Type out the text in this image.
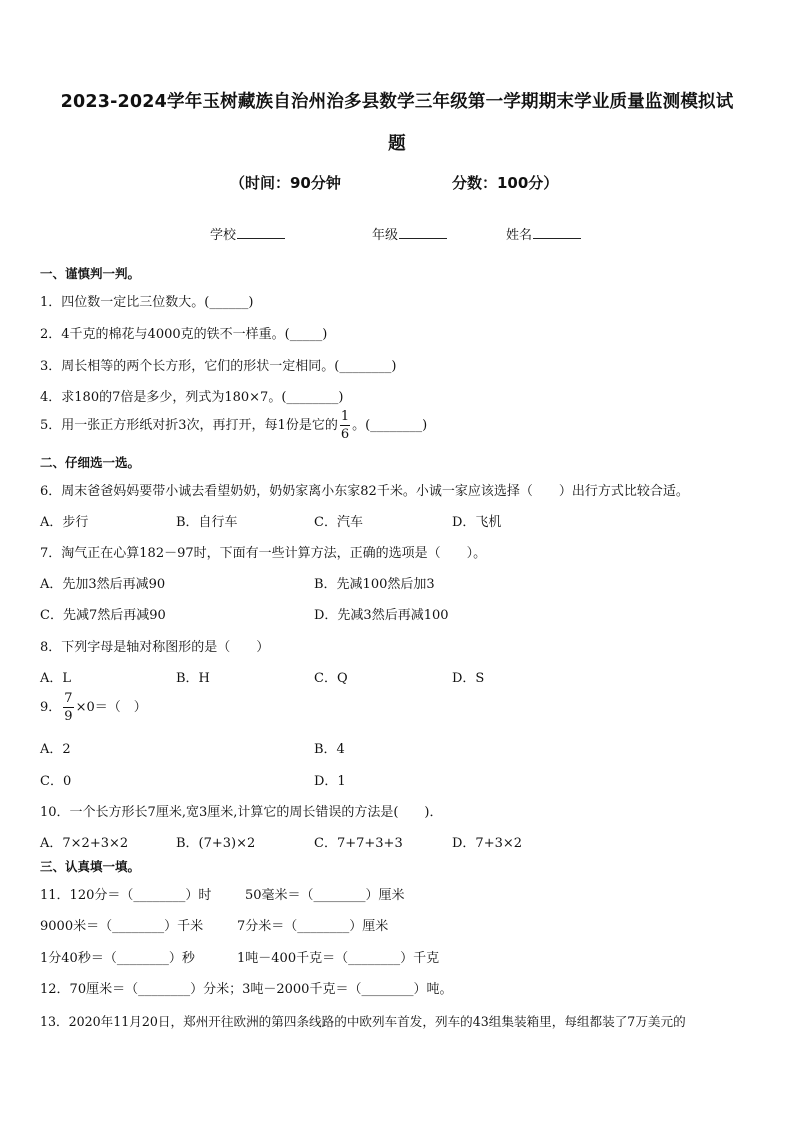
2023-2024学年玉树藏族自治州治多县数学三年级第一学期期末学业质量监测模拟试
题
（时间：90分钟	分数：100分）
学校	年级	姓名
一、谨慎判一判。
1．四位数一定比三位数大。(______)
2．4千克的棉花与4000克的铁不一样重。(_____)
3．周长相等的两个长方形，它们的形状一定相同。(________)
4．求180的7倍是多少，列式为180×7。(________)
5．用一张正方形纸对折3次，再打开，每1份是它的 $\frac{1}{6}$ 。(________)
二、仔细选一选。
6．周末爸爸妈妈要带小诚去看望奶奶，奶奶家离小东家82千米。小诚一家应该选择（　　）出行方式比较合适。
A．步行	B．自行车	C．汽车	D．飞机
7．淘气正在心算182－97时，下面有一些计算方法，正确的选项是（　　）。
A．先加3然后再减90	B．先减100然后加3
C．先减7然后再减90	D．先减3然后再减100
8．下列字母是轴对称图形的是（　　）
A．L	B．H	C．Q	D．S
9． $\frac{7}{9} \times 0=$（　）
A．2	B．4
C．0	D．1
10．一个长方形长7厘米,宽3厘米,计算它的周长错误的方法是(　　)．
A．7×2+3×2	B．(7+3)×2	C．7+7+3+3	D．7+3×2
三、认真填一填。
11．120分＝（________）时	50毫米＝（________）厘米
9000米＝（________）千米	7分米＝（________）厘米
1分40秒＝（________）秒	1吨－400千克＝（________）千克
12．70厘米＝（________）分米；3吨－2000千克＝（________）吨。
13．2020年11月20日，郑州开往欧洲的第四条线路的中欧列车首发，列车的43组集装箱里，每组都装了7万美元的
